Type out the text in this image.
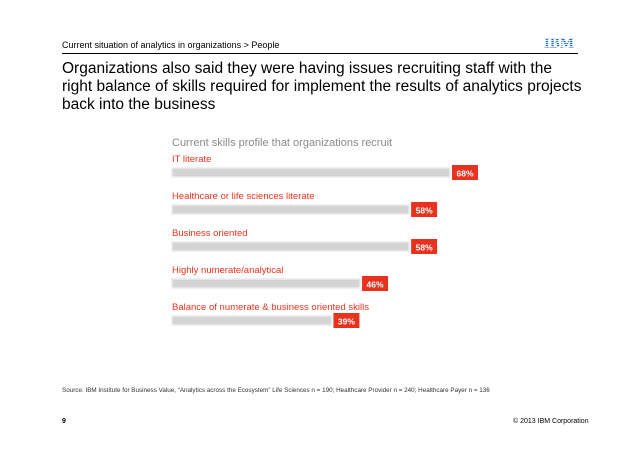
Current situation of analytics in organizations > People	IBM
Organizations also said they were having issues recruiting staff with the right balance of skills required for implement the results of analytics projects back into the business
Current skills profile that organizations recruit
IT literate
68%
Healthcare or life sciences literate
58%
Business oriented
58%
Highly numerate/analytical
46%
Balance of numerate & business oriented skills
39%
Source: IBM Institute for Business Value, “Analytics across the Ecosystem” Life Sciences n = 190; Healthcare Provider n = 240; Healthcare Payer n = 136
9	© 2013 IBM Corporation
